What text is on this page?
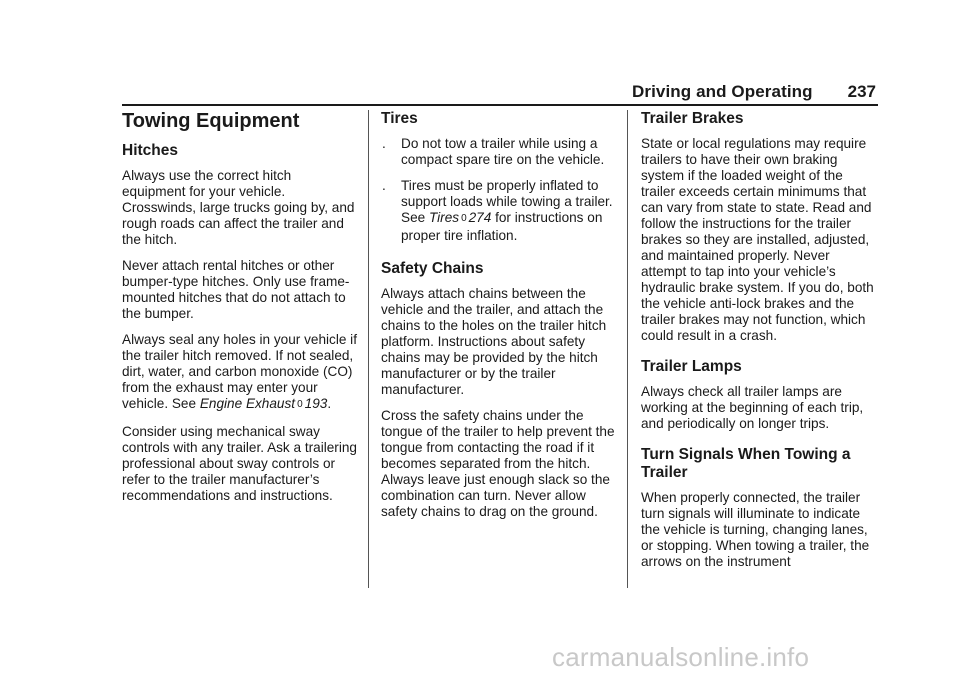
Driving and Operating 237
Towing Equipment
Hitches

Always use the correct hitch equipment for your vehicle. Crosswinds, large trucks going by, and rough roads can affect the trailer and the hitch.

Never attach rental hitches or other bumper-type hitches. Only use frame-mounted hitches that do not attach to the bumper.

Always seal any holes in your vehicle if the trailer hitch removed. If not sealed, dirt, water, and carbon monoxide (CO) from the exhaust may enter your vehicle. See Engine Exhaust 0 193.

Consider using mechanical sway controls with any trailer. Ask a trailering professional about sway controls or refer to the trailer manufacturer’s recommendations and instructions.

Tires
. Do not tow a trailer while using a compact spare tire on the vehicle.
. Tires must be properly inflated to support loads while towing a trailer. See Tires 0 274 for instructions on proper tire inflation.
Safety Chains

Always attach chains between the vehicle and the trailer, and attach the chains to the holes on the trailer hitch platform. Instructions about safety chains may be provided by the hitch manufacturer or by the trailer manufacturer.

Cross the safety chains under the tongue of the trailer to help prevent the tongue from contacting the road if it becomes separated from the hitch. Always leave just enough slack so the combination can turn. Never allow safety chains to drag on the ground.

Trailer Brakes

State or local regulations may require trailers to have their own braking system if the loaded weight of the trailer exceeds certain minimums that can vary from state to state. Read and follow the instructions for the trailer brakes so they are installed, adjusted, and maintained properly. Never attempt to tap into your vehicle’s hydraulic brake system. If you do, both the vehicle anti-lock brakes and the trailer brakes may not function, which could result in a crash.

Trailer Lamps

Always check all trailer lamps are working at the beginning of each trip, and periodically on longer trips.

Turn Signals When Towing a Trailer

When properly connected, the trailer turn signals will illuminate to indicate the vehicle is turning, changing lanes, or stopping. When towing a trailer, the arrows on the instrument

carmanualsonline.info
